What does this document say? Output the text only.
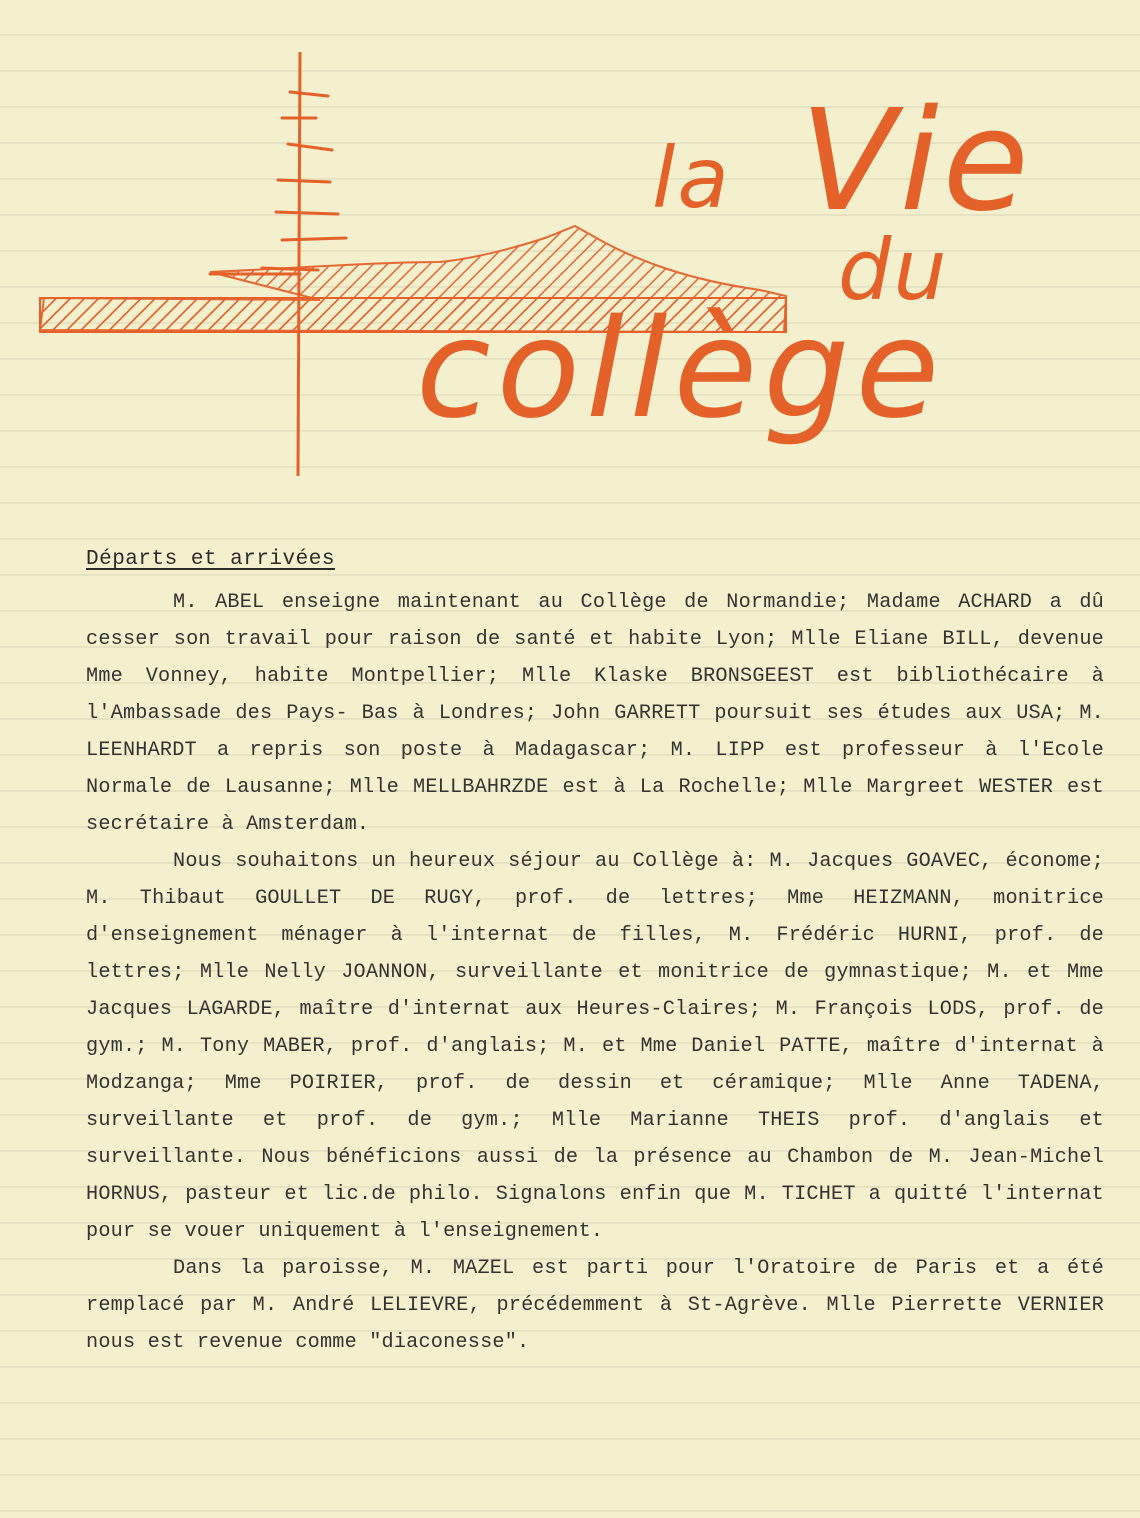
la Vie
du
collège
Départs et arrivées

M. ABEL enseigne maintenant au Collège de Normandie; Madame ACHARD a dû cesser son travail pour raison de santé et habite Lyon; Mlle Eliane BILL, devenue Mme Vonney, habite Montpellier; Mlle Klaske BRONSGEEST est bibliothécaire à l'Ambassade des Pays- Bas à Londres; John GARRETT poursuit ses études aux USA; M. LEENHARDT a repris son poste à Madagascar; M. LIPP est professeur à l'Ecole Normale de Lausanne; Mlle MELLBAHRZDE est à La Rochelle; Mlle Margreet WESTER est secrétaire à Amsterdam.

Nous souhaitons un heureux séjour au Collège à: M. Jacques GOAVEC, économe; M. Thibaut GOULLET DE RUGY, prof. de lettres; Mme HEIZMANN, monitrice d'enseignement ménager à l'internat de filles, M. Frédéric HURNI, prof. de lettres; Mlle Nelly JOANNON, surveillante et monitrice de gymnastique; M. et Mme Jacques LAGARDE, maître d'internat aux Heures-Claires; M. François LODS, prof. de gym.; M. Tony MABER, prof. d'anglais; M. et Mme Daniel PATTE, maître d'internat à Modzanga; Mme POIRIER, prof. de dessin et céramique; Mlle Anne TADENA, surveillante et prof. de gym.; Mlle Marianne THEIS prof. d'anglais et surveillante. Nous bénéficions aussi de la présence au Chambon de M. Jean-Michel HORNUS, pasteur et lic.de philo. Signalons enfin que M. TICHET a quitté l'internat pour se vouer uniquement à l'enseignement.

Dans la paroisse, M. MAZEL est parti pour l'Oratoire de Paris et a été remplacé par M. André LELIEVRE, précédemment à St-Agrève. Mlle Pierrette VERNIER nous est revenue comme "diaconesse".
